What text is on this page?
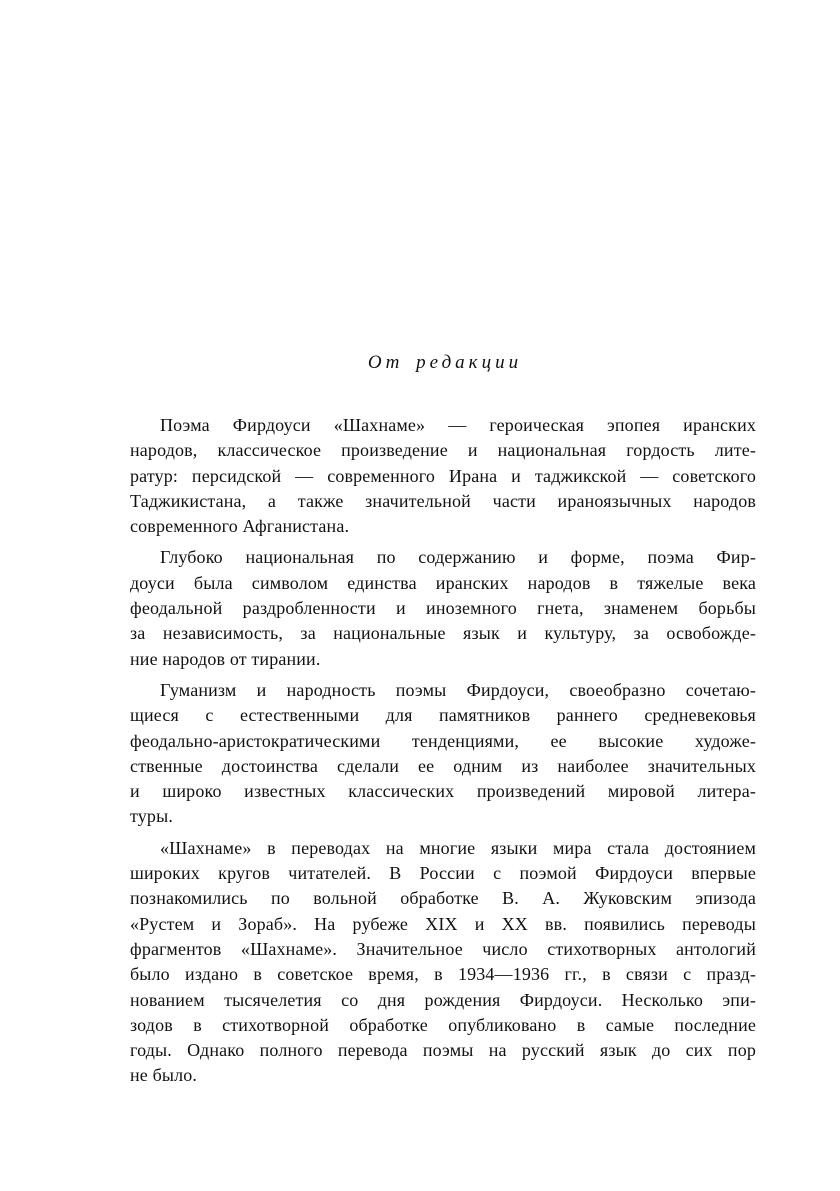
От редакции
Поэма Фирдоуси «Шахнаме» — героическая эпопея иранских
народов, классическое произведение и национальная гордость лите-
ратур: персидской — современного Ирана и таджикской — советского
Таджикистана, а также значительной части ираноязычных народов
современного Афганистана.
Глубоко национальная по содержанию и форме, поэма Фир-
доуси была символом единства иранских народов в тяжелые века
феодальной раздробленности и иноземного гнета, знаменем борьбы
за независимость, за национальные язык и культуру, за освобожде-
ние народов от тирании.
Гуманизм и народность поэмы Фирдоуси, своеобразно сочетаю-
щиеся с естественными для памятников раннего средневековья
феодально-аристократическими тенденциями, ее высокие художе-
ственные достоинства сделали ее одним из наиболее значительных
и широко известных классических произведений мировой литера-
туры.
«Шахнаме» в переводах на многие языки мира стала достоянием
широких кругов читателей. В России с поэмой Фирдоуси впервые
познакомились по вольной обработке В. А. Жуковским эпизода
«Рустем и Зораб». На рубеже XIX и XX вв. появились переводы
фрагментов «Шахнаме». Значительное число стихотворных антологий
было издано в советское время, в 1934—1936 гг., в связи с празд-
нованием тысячелетия со дня рождения Фирдоуси. Несколько эпи-
зодов в стихотворной обработке опубликовано в самые последние
годы. Однако полного перевода поэмы на русский язык до сих пор
не было.
